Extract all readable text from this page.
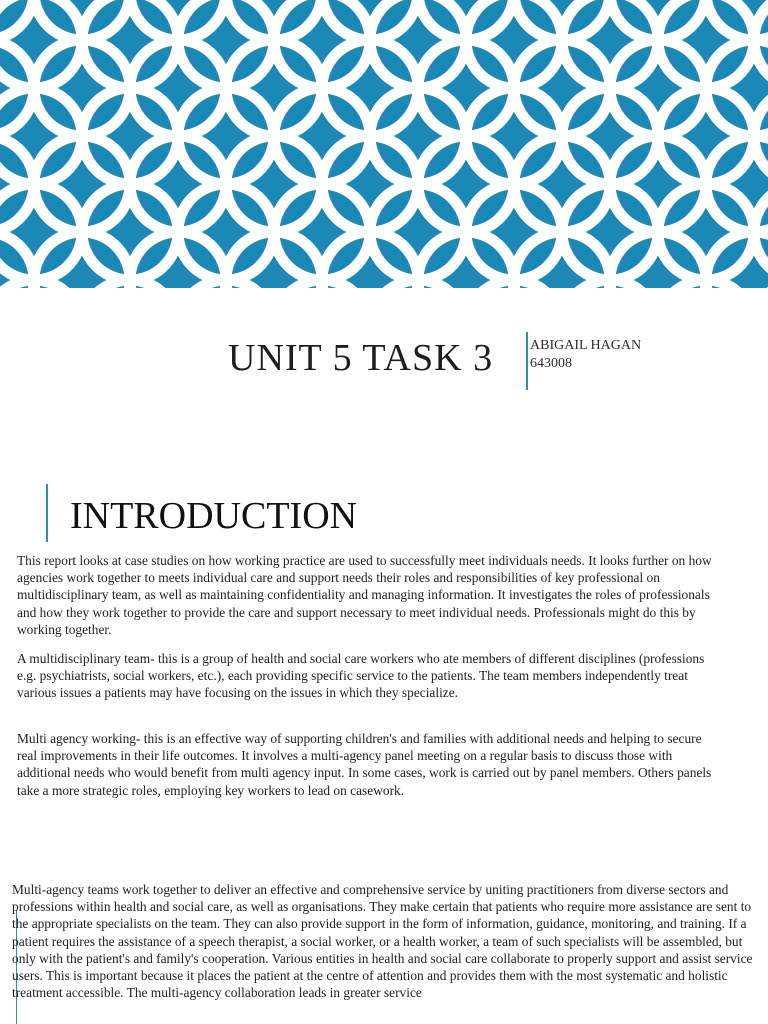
UNIT 5 TASK 3	ABIGAIL HAGAN
643008
INTRODUCTION

This report looks at case studies on how working practice are used to successfully meet individuals needs. It looks further on how agencies work together to meets individual care and support needs their roles and responsibilities of key professional on multidisciplinary team, as well as maintaining confidentiality and managing information. It investigates the roles of professionals and how they work together to provide the care and support necessary to meet individual needs. Professionals might do this by working together.

A multidisciplinary team- this is a group of health and social care workers who ate members of different disciplines (professions e.g. psychiatrists, social workers, etc.), each providing specific service to the patients. The team members independently treat various issues a patients may have focusing on the issues in which they specialize.

Multi agency working- this is an effective way of supporting children's and families with additional needs and helping to secure real improvements in their life outcomes. It involves a multi-agency panel meeting on a regular basis to discuss those with additional needs who would benefit from multi agency input. In some cases, work is carried out by panel members. Others panels take a more strategic roles, employing key workers to lead on casework.

Multi-agency teams work together to deliver an effective and comprehensive service by uniting practitioners from diverse sectors and professions within health and social care, as well as organisations. They make certain that patients who require more assistance are sent to the appropriate specialists on the team. They can also provide support in the form of information, guidance, monitoring, and training. If a patient requires the assistance of a speech therapist, a social worker, or a health worker, a team of such specialists will be assembled, but only with the patient's and family's cooperation. Various entities in health and social care collaborate to properly support and assist service users. This is important because it places the patient at the centre of attention and provides them with the most systematic and holistic treatment accessible. The multi-agency collaboration leads in greater service
